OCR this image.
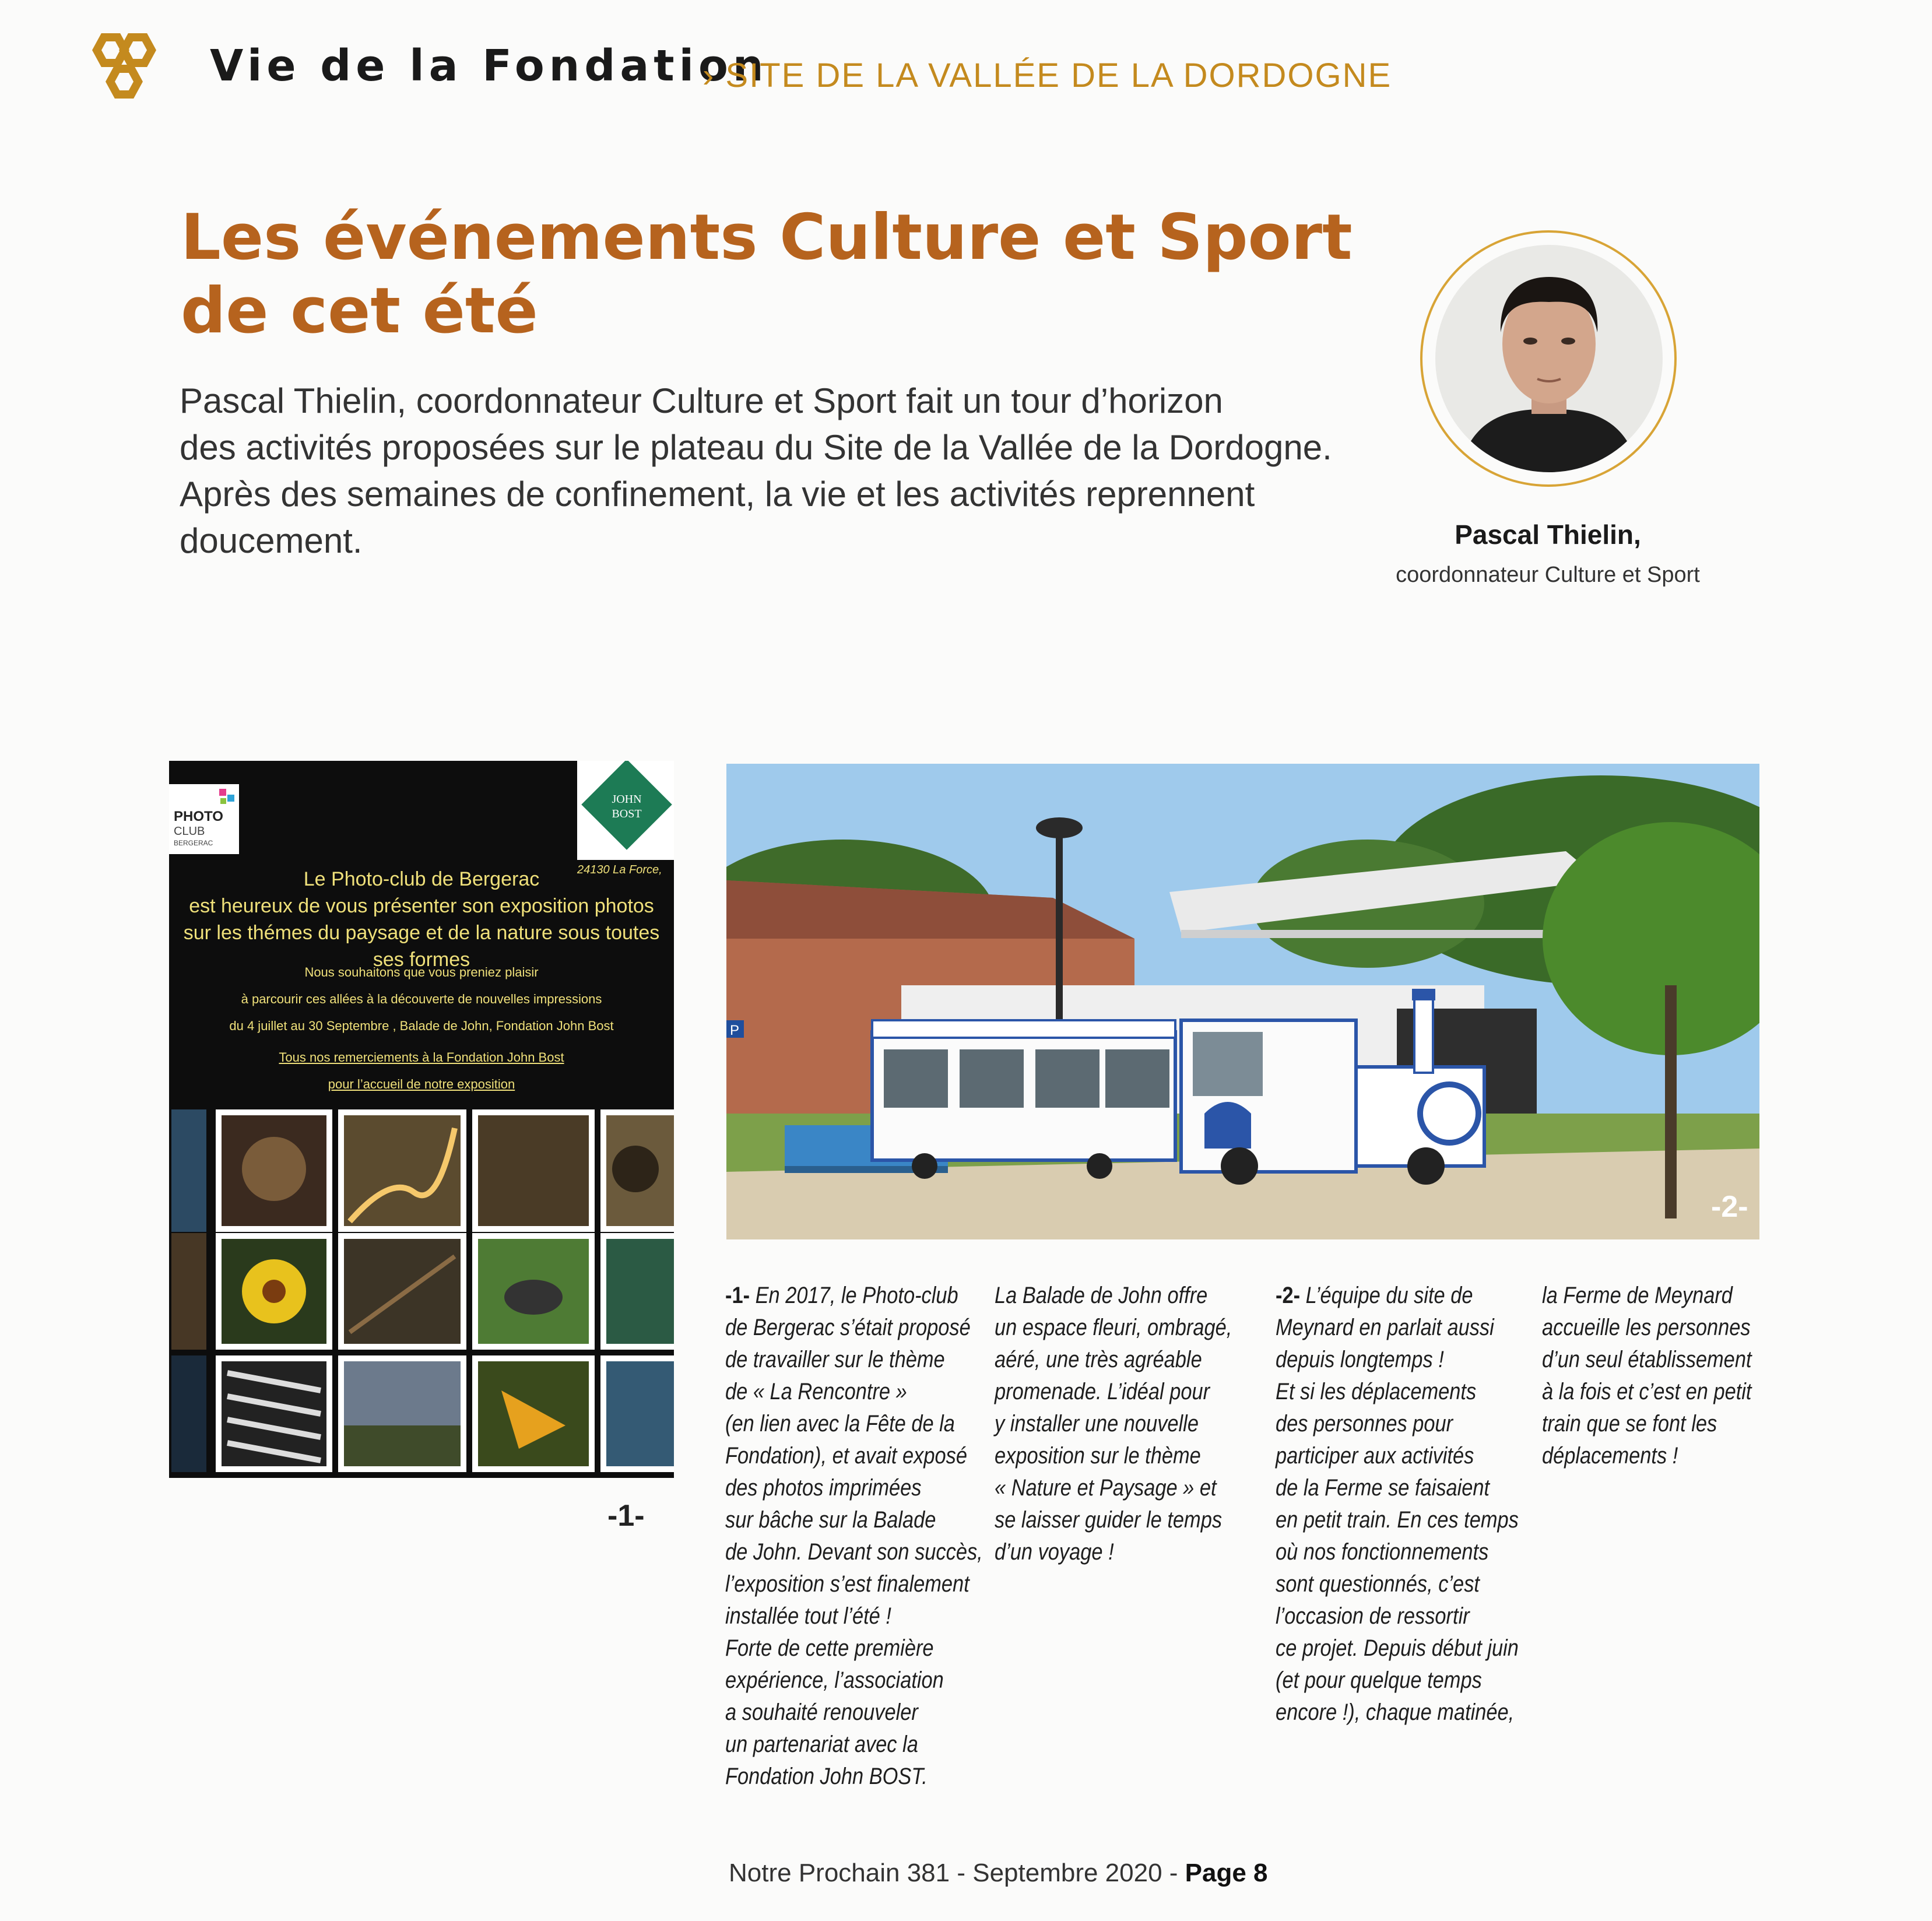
Vie de la Fondation
› SITE DE LA VALLÉE DE LA DORDOGNE
Les événements Culture et Sport
de cet été
Pascal Thielin, coordonnateur Culture et Sport fait un tour d’horizon
des activités proposées sur le plateau du Site de la Vallée de la Dordogne.
Après des semaines de confinement, la vie et les activités reprennent
doucement.	Pascal Thielin,
coordonnateur Culture et Sport
PHOTO
CLUB
BERGERAC
JOHN
BOST
24130 La Force,
Le Photo-club de Bergerac
est heureux de vous présenter son exposition photos
sur les thémes du paysage et de la nature sous toutes ses formes
Nous souhaitons que vous preniez plaisir
à parcourir ces allées à la découverte de nouvelles impressions
du 4 juillet au 30 Septembre , Balade de John, Fondation John Bost
Tous nos remerciements à la Fondation John Bost
pour l’accueil de notre exposition
-1-
P
-2-

-1- En 2017, le Photo-club

de Bergerac s’était proposé

de travailler sur le thème

de « La Rencontre »

(en lien avec la Fête de la

Fondation), et avait exposé

des photos imprimées

sur bâche sur la Balade

de John. Devant son succès,

l’exposition s’est finalement

installée tout l’été !

Forte de cette première

expérience, l’association

a souhaité renouveler

un partenariat avec la

Fondation John BOST.

La Balade de John offre

un espace fleuri, ombragé,

aéré, une très agréable

promenade. L’idéal pour

y installer une nouvelle

exposition sur le thème

« Nature et Paysage » et

se laisser guider le temps

d’un voyage !

-2- L’équipe du site de

Meynard en parlait aussi

depuis longtemps !

Et si les déplacements

des personnes pour

participer aux activités

de la Ferme se faisaient

en petit train. En ces temps

où nos fonctionnements

sont questionnés, c’est

l’occasion de ressortir

ce projet. Depuis début juin

(et pour quelque temps

encore !), chaque matinée,

la Ferme de Meynard

accueille les personnes

d’un seul établissement

à la fois et c’est en petit

train que se font les

déplacements !

Notre Prochain 381 - Septembre 2020 - Page 8
